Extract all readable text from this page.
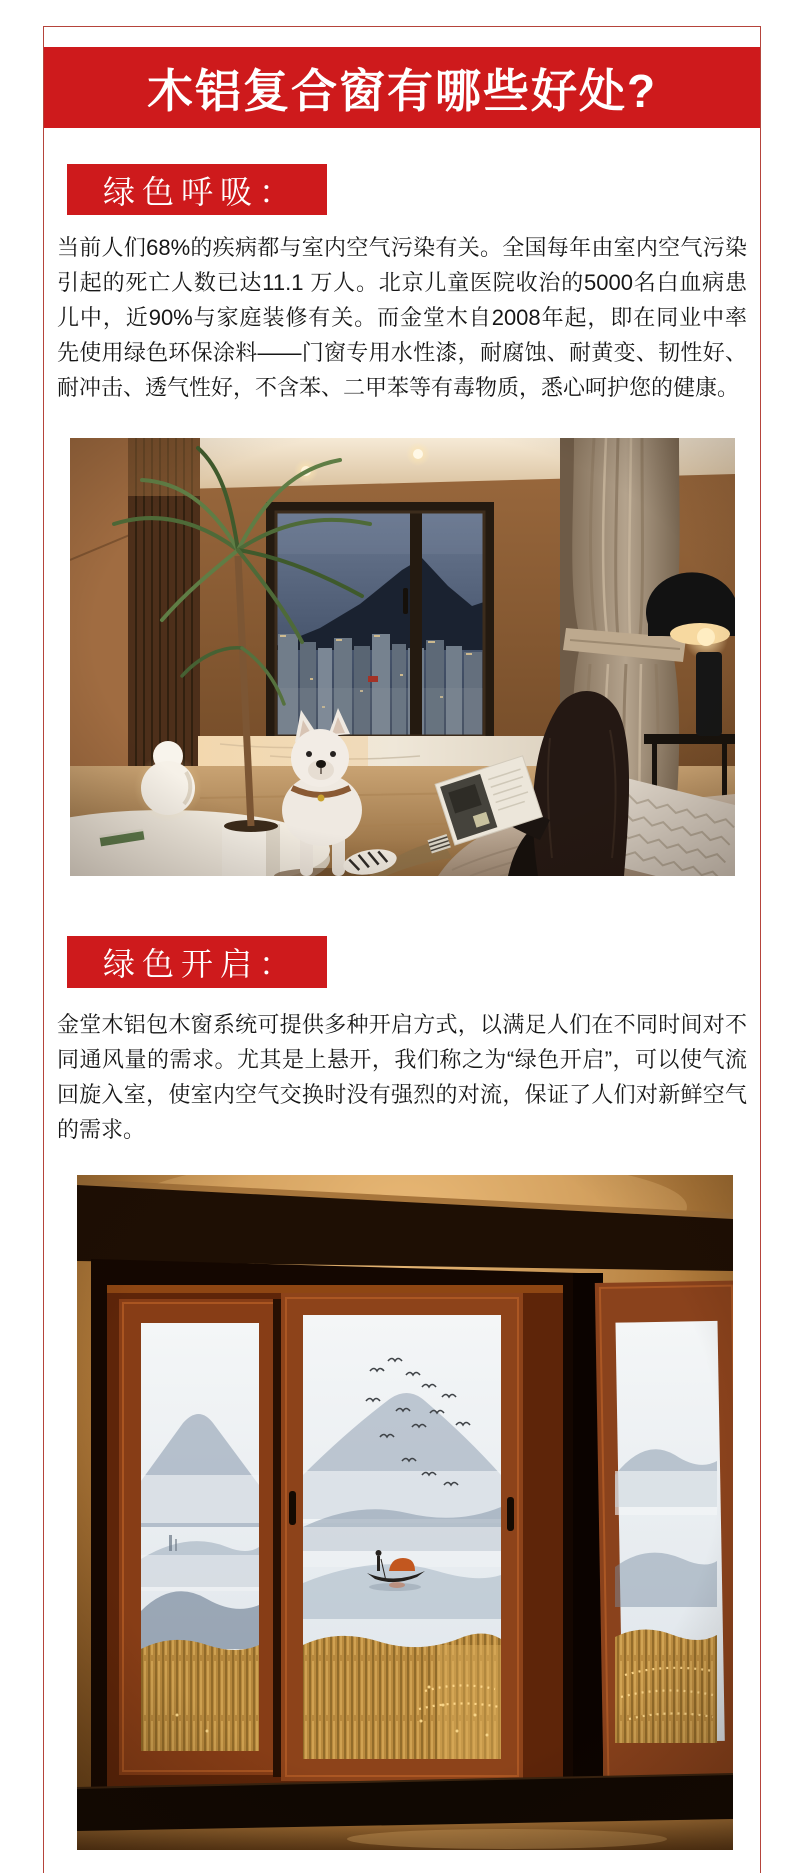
木铝复合窗有哪些好处?
绿色呼吸：

当前人们68%的疾病都与室内空气污染有关。全国每年由室内空气污染引起的死亡人数已达11.1 万人。北京儿童医院收治的5000名白血病患儿中，近90%与家庭装修有关。而金堂木自2008年起，即在同业中率 先使用绿色环保涂料——门窗专用水性漆，耐腐蚀、耐黄变、韧性好、耐冲击、透气性好，不含苯、二甲苯等有毒物质，悉心呵护您的健康。

绿色开启：

金堂木铝包木窗系统可提供多种开启方式，以满足人们在不同时间对不同通风量的需求。尤其是上悬开，我们称之为“绿色开启”，可以使气流回旋入室，使室内空气交换时没有强烈的对流，保证了人们对新鲜空气的需求。
